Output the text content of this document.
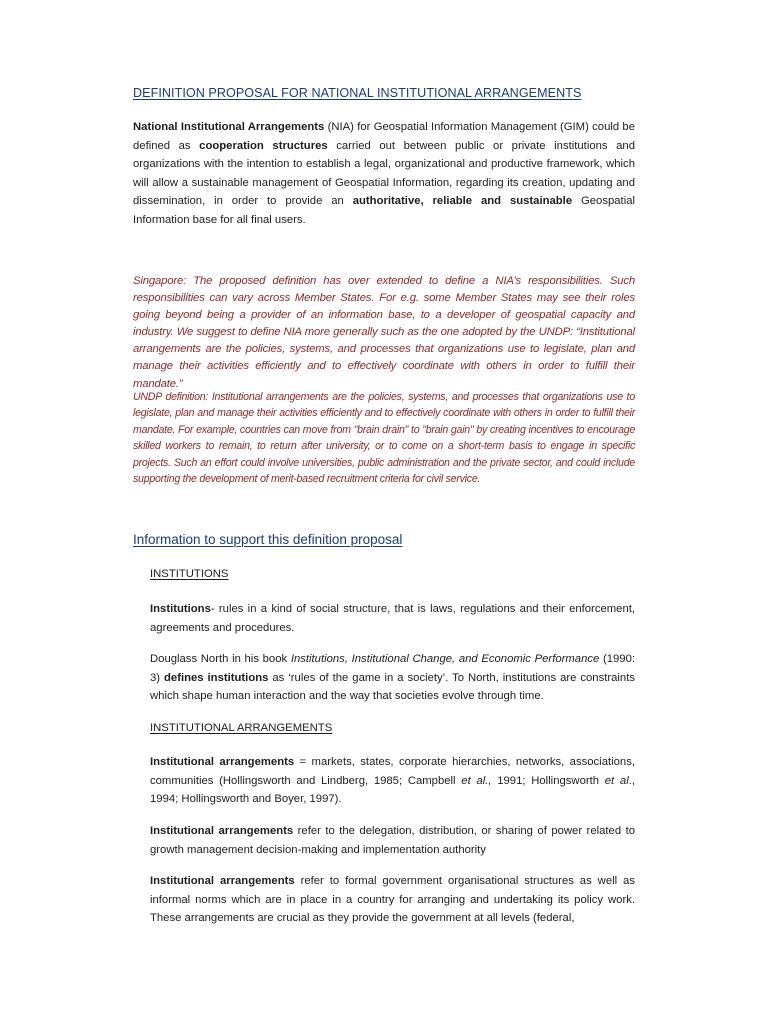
DEFINITION PROPOSAL FOR NATIONAL INSTITUTIONAL ARRANGEMENTS
National Institutional Arrangements (NIA) for Geospatial Information Management (GIM) could be defined as cooperation structures carried out between public or private institutions and organizations with the intention to establish a legal, organizational and productive framework, which will allow a sustainable management of Geospatial Information, regarding its creation, updating and dissemination, in order to provide an authoritative, reliable and sustainable Geospatial Information base for all final users.
Singapore: The proposed definition has over extended to define a NIA’s responsibilities. Such responsibilities can vary across Member States. For e.g. some Member States may see their roles going beyond being a provider of an information base, to a developer of geospatial capacity and industry. We suggest to define NIA more generally such as the one adopted by the UNDP: “Institutional arrangements are the policies, systems, and processes that organizations use to legislate, plan and manage their activities efficiently and to effectively coordinate with others in order to fulfill their mandate.”
UNDP definition: Institutional arrangements are the policies, systems, and processes that organizations use to legislate, plan and manage their activities efficiently and to effectively coordinate with others in order to fulfill their mandate. For example, countries can move from "brain drain" to "brain gain" by creating incentives to encourage skilled workers to remain, to return after university, or to come on a short-term basis to engage in specific projects. Such an effort could involve universities, public administration and the private sector, and could include supporting the development of merit-based recruitment criteria for civil service.
Information to support this definition proposal
INSTITUTIONS
Institutions- rules in a kind of social structure, that is laws, regulations and their enforcement, agreements and procedures.
Douglass North in his book Institutions, Institutional Change, and Economic Performance (1990: 3) defines institutions as ‘rules of the game in a society’. To North, institutions are constraints which shape human interaction and the way that societies evolve through time.
INSTITUTIONAL ARRANGEMENTS
Institutional arrangements = markets, states, corporate hierarchies, networks, associations, communities (Hollingsworth and Lindberg, 1985; Campbell et al., 1991; Hollingsworth et al., 1994; Hollingsworth and Boyer, 1997).
Institutional arrangements refer to the delegation, distribution, or sharing of power related to growth management decision-making and implementation authority
Institutional arrangements refer to formal government organisational structures as well as informal norms which are in place in a country for arranging and undertaking its policy work. These arrangements are crucial as they provide the government at all levels (federal,
